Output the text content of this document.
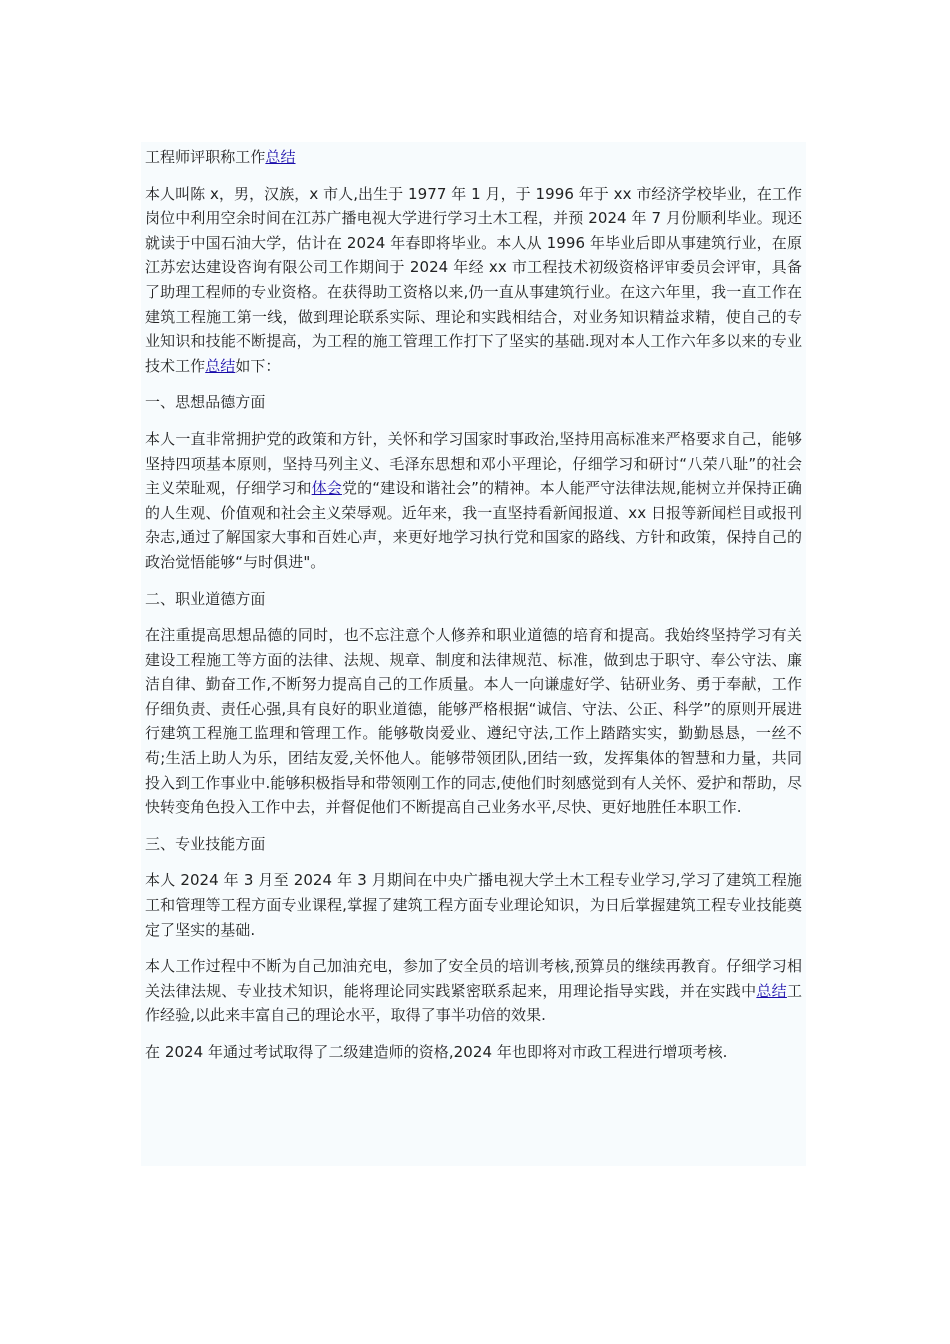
工程师评职称工作总结

本人叫陈 x，男，汉族，x 市人,出生于 1977 年 1 月，于 1996 年于 xx 市经济学校毕业，在工作岗位中利用空余时间在江苏广播电视大学进行学习土木工程，并预 2024 年 7 月份顺利毕业。现还就读于中国石油大学，估计在 2024 年春即将毕业。本人从 1996 年毕业后即从事建筑行业，在原江苏宏达建设咨询有限公司工作期间于 2024 年经 xx 市工程技术初级资格评审委员会评审，具备了助理工程师的专业资格。在获得助工资格以来,仍一直从事建筑行业。在这六年里，我一直工作在建筑工程施工第一线，做到理论联系实际、理论和实践相结合，对业务知识精益求精，使自己的专业知识和技能不断提高，为工程的施工管理工作打下了坚实的基础.现对本人工作六年多以来的专业技术工作总结如下：

一、思想品德方面

本人一直非常拥护党的政策和方针，关怀和学习国家时事政治,坚持用高标准来严格要求自己，能够坚持四项基本原则，坚持马列主义、毛泽东思想和邓小平理论，仔细学习和研讨“八荣八耻”的社会主义荣耻观，仔细学习和体会党的“建设和谐社会”的精神。本人能严守法律法规,能树立并保持正确的人生观、价值观和社会主义荣辱观。近年来，我一直坚持看新闻报道、xx 日报等新闻栏目或报刊杂志,通过了解国家大事和百姓心声，来更好地学习执行党和国家的路线、方针和政策，保持自己的政治觉悟能够“与时俱进"。

二、职业道德方面

在注重提高思想品德的同时，也不忘注意个人修养和职业道德的培育和提高。我始终坚持学习有关建设工程施工等方面的法律、法规、规章、制度和法律规范、标准，做到忠于职守、奉公守法、廉洁自律、勤奋工作,不断努力提高自己的工作质量。本人一向谦虚好学、钻研业务、勇于奉献，工作仔细负责、责任心强,具有良好的职业道德，能够严格根据“诚信、守法、公正、科学”的原则开展进行建筑工程施工监理和管理工作。能够敬岗爱业、遵纪守法,工作上踏踏实实，勤勤恳恳，一丝不苟;生活上助人为乐，团结友爱,关怀他人。能够带领团队,团结一致，发挥集体的智慧和力量，共同投入到工作事业中.能够积极指导和带领刚工作的同志,使他们时刻感觉到有人关怀、爱护和帮助，尽快转变角色投入工作中去，并督促他们不断提高自己业务水平,尽快、更好地胜任本职工作.

三、专业技能方面

本人 2024 年 3 月至 2024 年 3 月期间在中央广播电视大学土木工程专业学习,学习了建筑工程施工和管理等工程方面专业课程,掌握了建筑工程方面专业理论知识，为日后掌握建筑工程专业技能奠定了坚实的基础.

本人工作过程中不断为自己加油充电，参加了安全员的培训考核,预算员的继续再教育。仔细学习相关法律法规、专业技术知识，能将理论同实践紧密联系起来，用理论指导实践，并在实践中总结工作经验,以此来丰富自己的理论水平，取得了事半功倍的效果.

在 2024 年通过考试取得了二级建造师的资格,2024 年也即将对市政工程进行增项考核.
